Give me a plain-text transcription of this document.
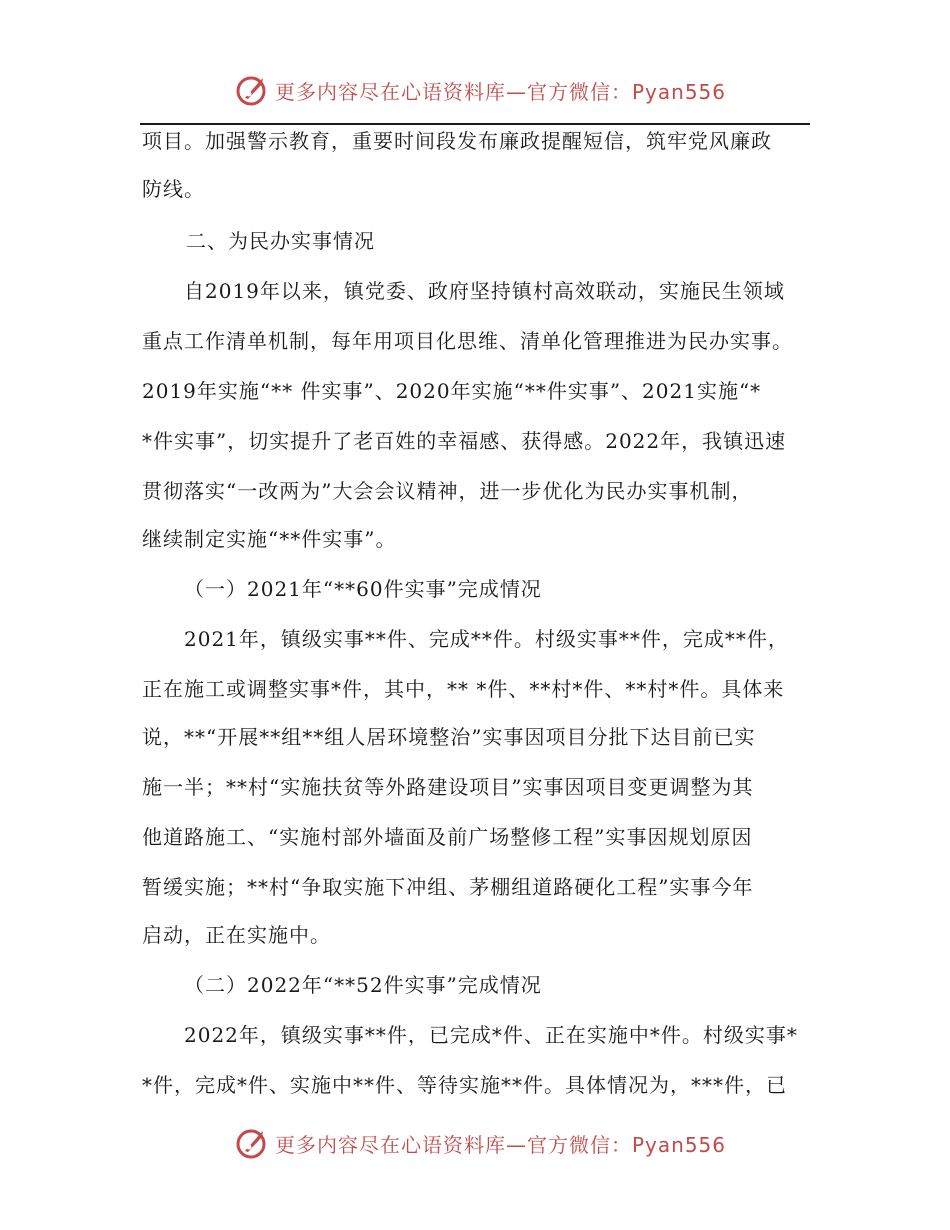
更多内容尽在心语资料库—官方微信：Pyan556
项目。加强警示教育，重要时间段发布廉政提醒短信，筑牢党风廉政
防线。
二、为民办实事情况
自2019年以来，镇党委、政府坚持镇村高效联动，实施民生领域
重点工作清单机制，每年用项目化思维、清单化管理推进为民办实事。
2019年实施“** 件实事”、2020年实施“**件实事”、2021实施“*
*件实事”，切实提升了老百姓的幸福感、获得感。2022年，我镇迅速
贯彻落实“一改两为”大会会议精神，进一步优化为民办实事机制，
继续制定实施“**件实事”。
（一）2021年“**60件实事”完成情况
2021年，镇级实事**件、完成**件。村级实事**件，完成**件，
正在施工或调整实事*件，其中，** *件、**村*件、**村*件。具体来
说，**“开展**组**组人居环境整治”实事因项目分批下达目前已实
施一半；**村“实施扶贫等外路建设项目”实事因项目变更调整为其
他道路施工、“实施村部外墙面及前广场整修工程”实事因规划原因
暂缓实施；**村“争取实施下冲组、茅棚组道路硬化工程”实事今年
启动，正在实施中。
（二）2022年“**52件实事”完成情况
2022年，镇级实事**件，已完成*件、正在实施中*件。村级实事*
*件，完成*件、实施中**件、等待实施**件。具体情况为，***件，已
更多内容尽在心语资料库—官方微信：Pyan556
